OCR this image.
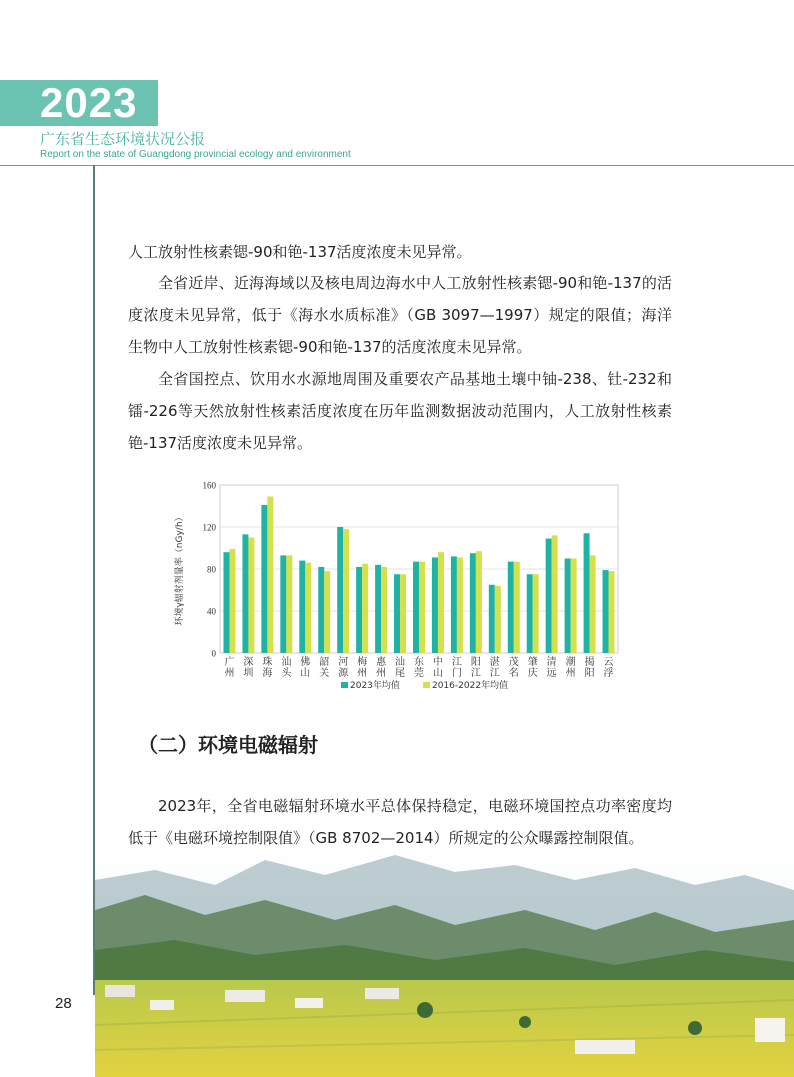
2023
广东省生态环境状况公报
Report on the state of Guangdong provincial ecology and environment

人工放射性核素锶-90和铯-137活度浓度未见异常。

全省近岸、近海海域以及核电周边海水中人工放射性核素锶-90和铯-137的活度浓度未见异常，低于《海水水质标准》（GB 3097—1997）规定的限值；海洋生物中人工放射性核素锶-90和铯-137的活度浓度未见异常。

全省国控点、饮用水水源地周围及重要农产品基地土壤中铀-238、钍-232和镭-226等天然放射性核素活度浓度在历年监测数据波动范围内，人工放射性核素铯-137活度浓度未见异常。

0
40
80
120
160
环境γ辐射剂量率（nGy/h）
广
州
深
圳
珠
海
汕
头
佛
山
韶
关
河
源
梅
州
惠
州
汕
尾
东
莞
中
山
江
门
阳
江
湛
江
茂
名
肇
庆
清
远
潮
州
揭
阳
云
浮
2023年均值	2016-2022年均值
（二）环境电磁辐射

2023年，全省电磁辐射环境水平总体保持稳定，电磁环境国控点功率密度均低于《电磁环境控制限值》（GB 8702—2014）所规定的公众曝露控制限值。

28
